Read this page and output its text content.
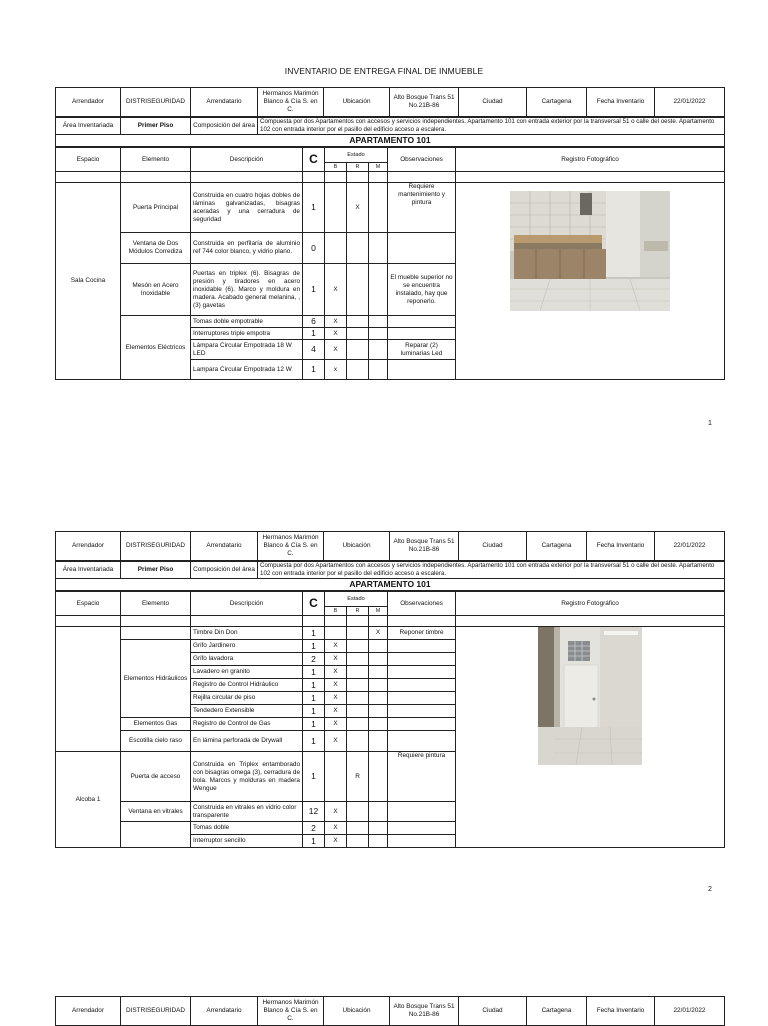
INVENTARIO DE ENTREGA FINAL DE INMUEBLE
Arrendador	DISTRISEGURIDAD	Arrendatario	Hermanos Marimón Blanco & Cía S. en C.	Ubicación	Alto Bosque Trans 51 No.21B-86	Ciudad	Cartagena	Fecha Inventario	22/01/2022
Área Inventariada	Primer Piso	Composición del área	Compuesta por dos Apartamentos con accesos y servicios independientes. Apartamento 101 con entrada exterior por la transversal 51 o calle del oeste. Apartamento 102 con entrada interior por el pasillo del edificio acceso a escalera.
APARTAMENTO 101
Espacio	Elemento	Descripción	C	Estado			Observaciones	Registro Fotográfico
				B	R	M		

Sala Cocina	Puerta Principal	Construida en cuatro hojas dobles de láminas galvanizadas, bisagras aceradas y una cerradura de seguridad	1		X		Requiere mantenimiento y pintura	

	Ventana de Dos Módulos Corrediza	Construida en perfilaría de aluminio ref 744 color blanco, y vidrio plano.	0					
	Mesón en Acero Inoxidable	Puertas en triplex (6). Bisagras de presión y tiradores en acero inoxidable (6). Marco y moldura en madera. Acabado general melanina, , (3) gavetas	1	X			El mueble superior no se encuentra instalado, hay que reponerlo.	
	Elementos Eléctricos	Tomas doble empotrable	6	X				
		Interruptores triple empotra	1	X				
		Lámpara Circular Empotrada 18 W LED	4	X			Reparar (2) luminarias Led	
		Lampara Circular Empotrada 12 W	1	x				
1
Arrendador	DISTRISEGURIDAD	Arrendatario	Hermanos Marimón Blanco & Cía S. en C.	Ubicación	Alto Bosque Trans 51 No.21B-86	Ciudad	Cartagena	Fecha Inventario	22/01/2022
Área Inventariada	Primer Piso	Composición del área	Compuesta por dos Apartamentos con accesos y servicios independientes. Apartamento 101 con entrada exterior por la transversal 51 o calle del oeste. Apartamento 102 con entrada interior por el pasillo del edificio acceso a escalera.
APARTAMENTO 101
Espacio	Elemento	Descripción	C	Estado			Observaciones	Registro Fotográfico
				B	R	M		

		Timbre Din Don	1			X	Reponer timbre	

	Elementos Hidráulicos	Grifo Jardinero	1	X				
		Grifo lavadora	2	X				
		Lavadero en granito	1	X				
		Registro de Control Hidráulico	1	X				
		Rejilla circular de piso	1	X				
		Tendedero Extensible	1	X				
	Elementos Gas	Registro de Control de Gas	1	X				
	Escotilla cielo raso	En lámina perforada de Drywall	1	X				
Alcoba 1	Puerta de acceso	Construida en Triplex entamborado con bisagras omega (3), cerradura de bola. Marcos y molduras en madera Wengue	1		R		Requiere pintura	
	Ventana en vitrales	Construida en vitrales en vidrio color transparente	12	X				
		Tomas doble	2	X				
		Interruptor sencillo	1	X				
2
Arrendador	DISTRISEGURIDAD	Arrendatario	Hermanos Marimón Blanco & Cía S. en C.	Ubicación	Alto Bosque Trans 51 No.21B-86	Ciudad	Cartagena	Fecha Inventario	22/01/2022
